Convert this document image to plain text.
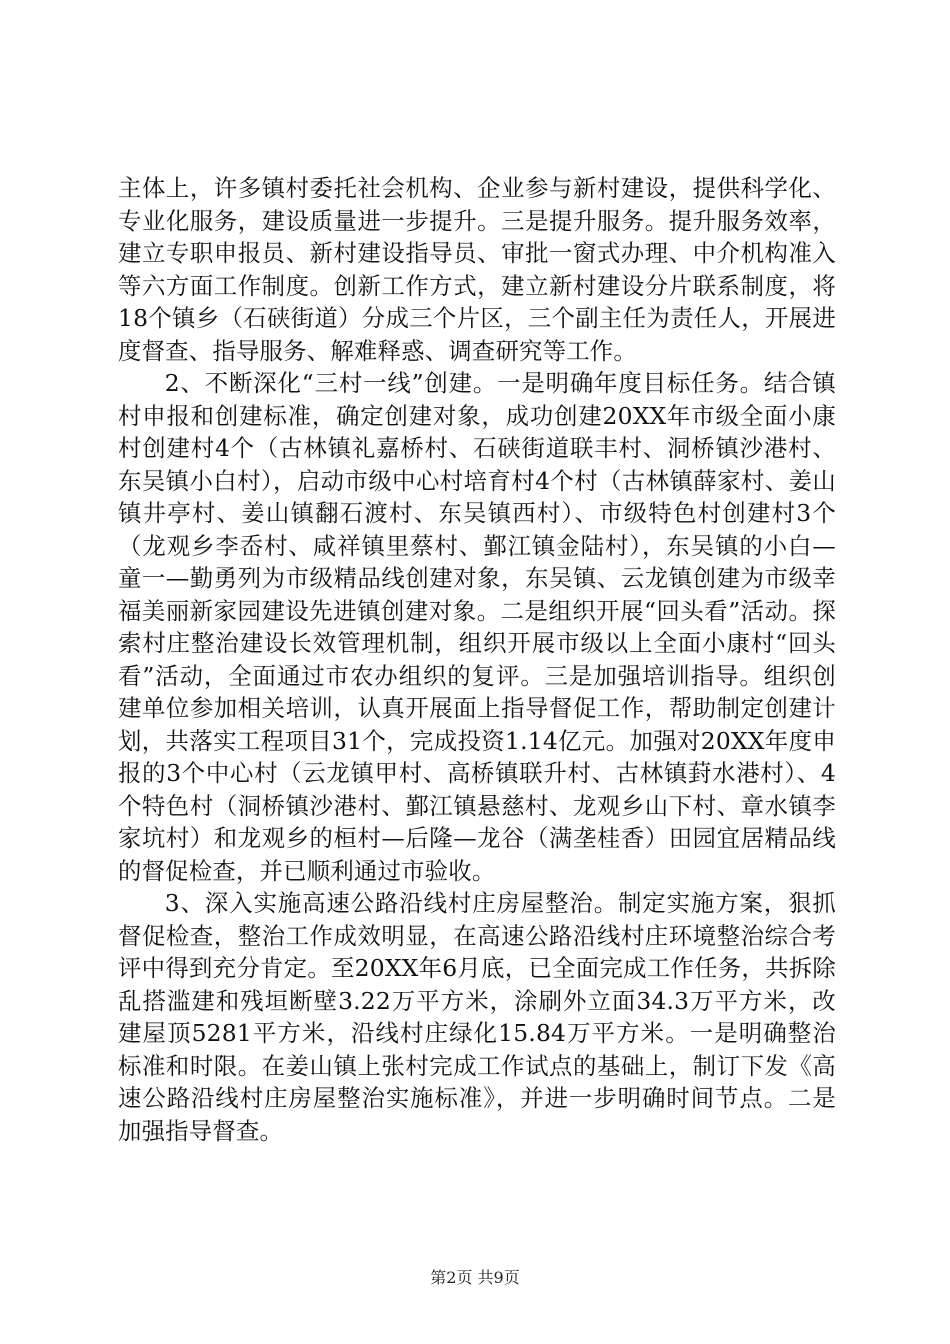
主体上，许多镇村委托社会机构、企业参与新村建设，提供科学化、专业化服务，建设质量进一步提升。三是提升服务。提升服务效率，建立专职申报员、新村建设指导员、审批一窗式办理、中介机构准入等六方面工作制度。创新工作方式，建立新村建设分片联系制度，将18个镇乡（石硖街道）分成三个片区，三个副主任为责任人，开展进度督查、指导服务、解难释惑、调查研究等工作。

2、不断深化“三村一线”创建。一是明确年度目标任务。结合镇村申报和创建标准，确定创建对象，成功创建20XX年市级全面小康村创建村4个（古林镇礼嘉桥村、石硖街道联丰村、洞桥镇沙港村、东吴镇小白村），启动市级中心村培育村4个村（古林镇薛家村、姜山镇井亭村、姜山镇翻石渡村、东吴镇西村）、市级特色村创建村3个（龙观乡李岙村、咸祥镇里蔡村、鄞江镇金陆村），东吴镇的小白—童一—勤勇列为市级精品线创建对象，东吴镇、云龙镇创建为市级幸福美丽新家园建设先进镇创建对象。二是组织开展“回头看”活动。探索村庄整治建设长效管理机制，组织开展市级以上全面小康村“回头看”活动，全面通过市农办组织的复评。三是加强培训指导。组织创建单位参加相关培训，认真开展面上指导督促工作，帮助制定创建计划，共落实工程项目31个，完成投资1.14亿元。加强对20XX年度申报的3个中心村（云龙镇甲村、高桥镇联升村、古林镇葑水港村）、4个特色村（洞桥镇沙港村、鄞江镇悬慈村、龙观乡山下村、章水镇李家坑村）和龙观乡的桓村—后隆—龙谷（满垄桂香）田园宜居精品线的督促检查，并已顺利通过市验收。

3、深入实施高速公路沿线村庄房屋整治。制定实施方案，狠抓督促检查，整治工作成效明显，在高速公路沿线村庄环境整治综合考评中得到充分肯定。至20XX年6月底，已全面完成工作任务，共拆除乱搭滥建和残垣断壁3.22万平方米，涂刷外立面34.3万平方米，改建屋顶5281平方米，沿线村庄绿化15.84万平方米。一是明确整治标准和时限。在姜山镇上张村完成工作试点的基础上，制订下发《高速公路沿线村庄房屋整治实施标准》，并进一步明确时间节点。二是加强指导督查。

第2页 共9页
